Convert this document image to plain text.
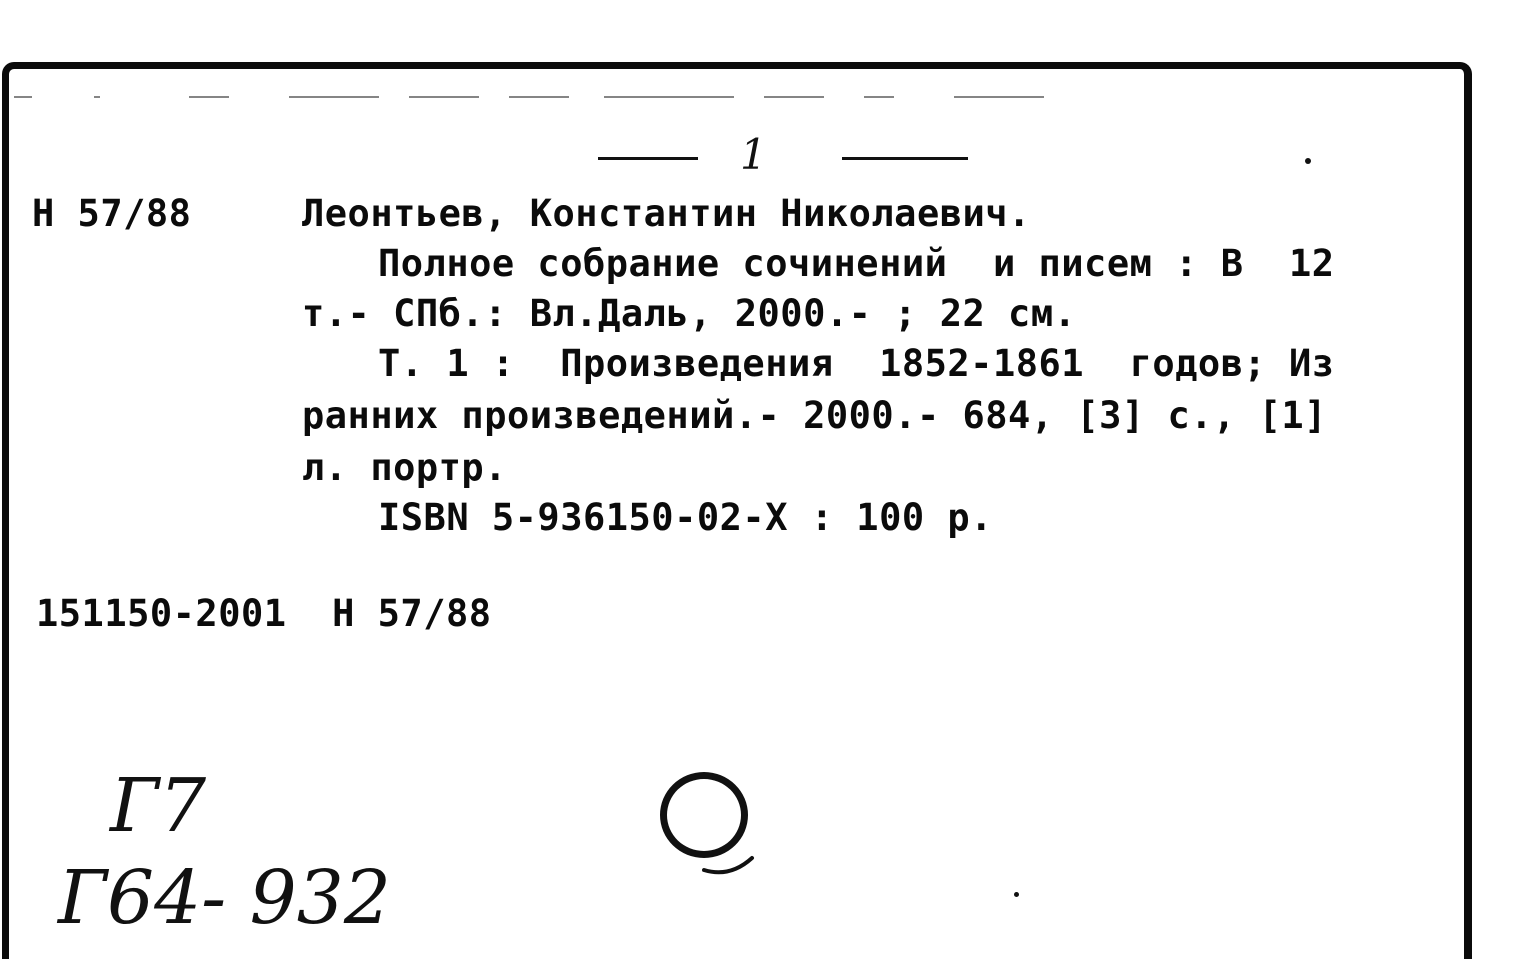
1
Н 57/88	Леонтьев, Константин Николаевич.
Полное собрание сочинений  и писем : В  12
т.- СПб.: Вл.Даль, 2000.- ; 22 см.
Т. 1 :  Произведения  1852-1861  годов; Из
ранних произведений.- 2000.- 684, [3] с., [1]
л. портр.
ISBN 5-936150-02-X : 100 р.
151150-2001  Н 57/88
Г7
Г64- 932
